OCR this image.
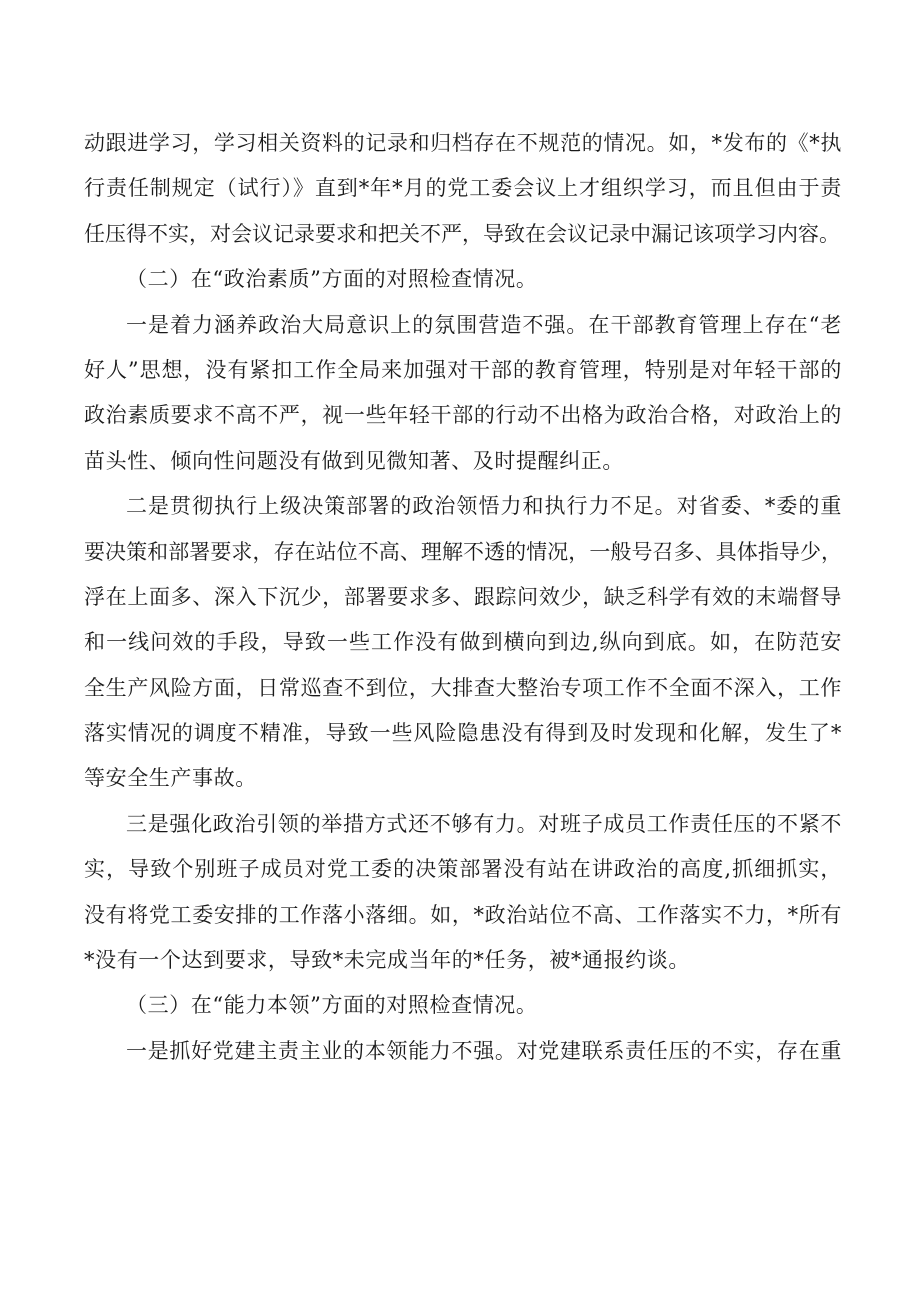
动跟进学习，学习相关资料的记录和归档存在不规范的情况。如，*发布的《*执
行责任制规定（试行）》直到*年*月的党工委会议上才组织学习，而且但由于责
任压得不实，对会议记录要求和把关不严，导致在会议记录中漏记该项学习内容。
（二）在“政治素质”方面的对照检查情况。
一是着力涵养政治大局意识上的氛围营造不强。在干部教育管理上存在“老
好人”思想，没有紧扣工作全局来加强对干部的教育管理，特别是对年轻干部的
政治素质要求不高不严，视一些年轻干部的行动不出格为政治合格，对政治上的
苗头性、倾向性问题没有做到见微知著、及时提醒纠正。
二是贯彻执行上级决策部署的政治领悟力和执行力不足。对省委、*委的重
要决策和部署要求，存在站位不高、理解不透的情况，一般号召多、具体指导少，
浮在上面多、深入下沉少，部署要求多、跟踪问效少，缺乏科学有效的末端督导
和一线问效的手段，导致一些工作没有做到横向到边,纵向到底。如，在防范安
全生产风险方面，日常巡查不到位，大排查大整治专项工作不全面不深入，工作
落实情况的调度不精准，导致一些风险隐患没有得到及时发现和化解，发生了*
等安全生产事故。
三是强化政治引领的举措方式还不够有力。对班子成员工作责任压的不紧不
实，导致个别班子成员对党工委的决策部署没有站在讲政治的高度,抓细抓实，
没有将党工委安排的工作落小落细。如，*政治站位不高、工作落实不力，*所有
*没有一个达到要求，导致*未完成当年的*任务，被*通报约谈。
（三）在“能力本领”方面的对照检查情况。
一是抓好党建主责主业的本领能力不强。对党建联系责任压的不实，存在重
